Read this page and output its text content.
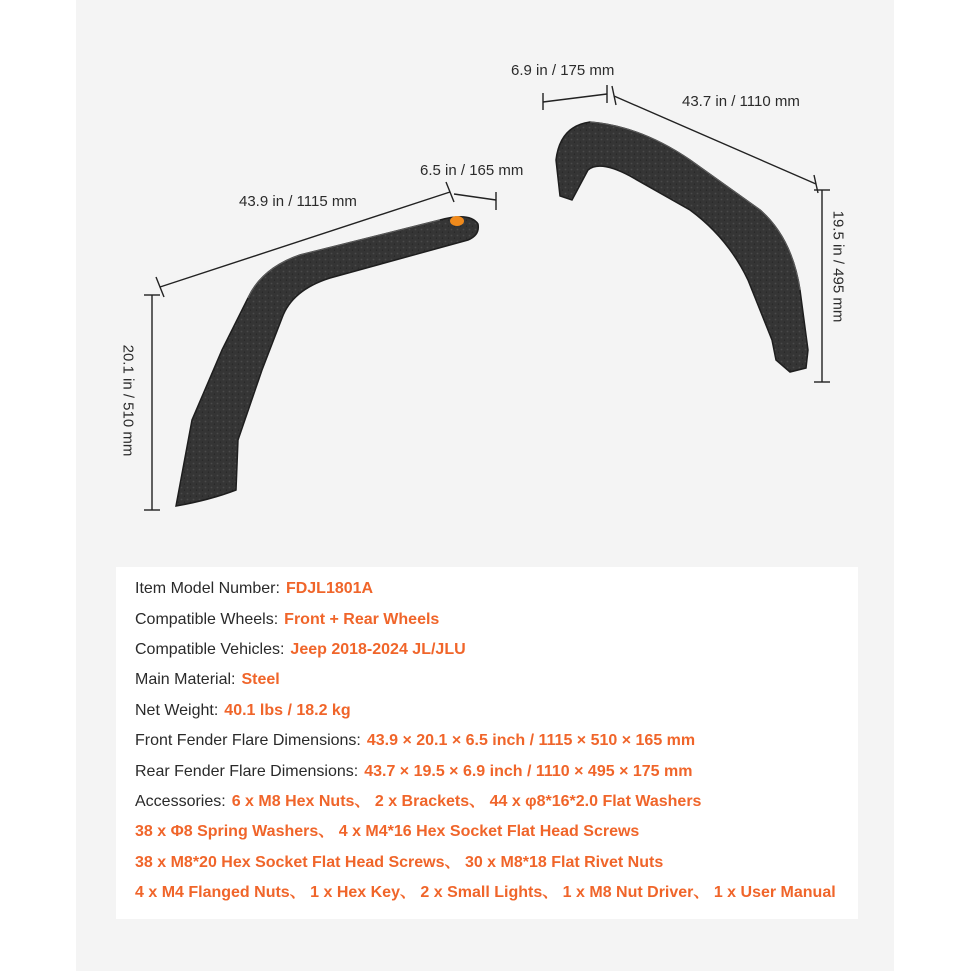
43.9 in / 1115 mm
6.5 in / 165 mm
20.1 in / 510 mm
6.9 in / 175 mm
43.7 in / 1110 mm
19.5 in / 495 mm
Item Model Number: FDJL1801A
Compatible Wheels: Front + Rear Wheels
Compatible Vehicles: Jeep 2018-2024 JL/JLU
Main Material: Steel
Net Weight: 40.1 lbs / 18.2 kg
Front Fender Flare Dimensions: 43.9 × 20.1 × 6.5 inch / 1115 × 510 × 165 mm
Rear Fender Flare Dimensions: 43.7 × 19.5 × 6.9 inch / 1110 × 495 × 175 mm
Accessories: 6 x M8 Hex Nuts、 2 x Brackets、 44 x φ8*16*2.0 Flat Washers
38 x Φ8 Spring Washers、 4 x M4*16 Hex Socket Flat Head Screws
38 x M8*20 Hex Socket Flat Head Screws、 30 x M8*18 Flat Rivet Nuts
4 x M4 Flanged Nuts、 1 x Hex Key、 2 x Small Lights、 1 x M8 Nut Driver、 1 x User Manual
